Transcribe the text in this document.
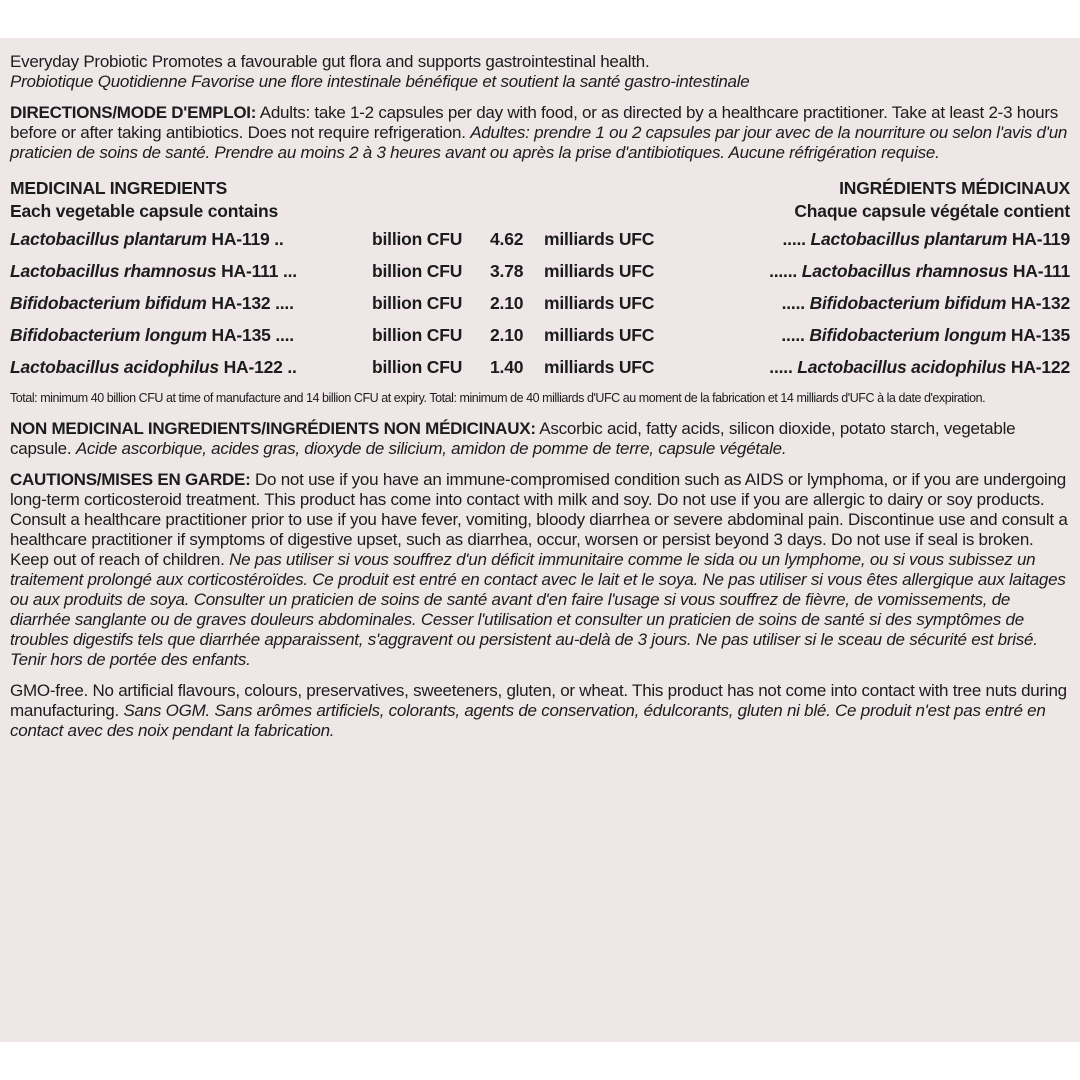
Everyday Probiotic Promotes a favourable gut flora and supports gastrointestinal health.
Probiotique Quotidienne Favorise une flore intestinale bénéfique et soutient la santé gastro-intestinale

DIRECTIONS/MODE D'EMPLOI: Adults: take 1-2 capsules per day with food, or as directed by a healthcare practitioner. Take at least 2-3 hours before or after taking antibiotics. Does not require refrigeration. Adultes: prendre 1 ou 2 capsules par jour avec de la nourriture ou selon l'avis d'un praticien de soins de santé. Prendre au moins 2 à 3 heures avant ou après la prise d'antibiotiques. Aucune réfrigération requise.

MEDICINAL INGREDIENTS	INGRÉDIENTS MÉDICINAUX
Each vegetable capsule contains	Chaque capsule végétale contient
Lactobacillus plantarum HA-119 ..	billion CFU	4.62	milliards UFC	..... Lactobacillus plantarum HA-119
Lactobacillus rhamnosus HA-111 ...	billion CFU	3.78	milliards UFC	...... Lactobacillus rhamnosus HA-111
Bifidobacterium bifidum HA-132 ....	billion CFU	2.10	milliards UFC	..... Bifidobacterium bifidum HA-132
Bifidobacterium longum HA-135 ....	billion CFU	2.10	milliards UFC	..... Bifidobacterium longum HA-135
Lactobacillus acidophilus HA-122 ..	billion CFU	1.40	milliards UFC	..... Lactobacillus acidophilus HA-122
Total: minimum 40 billion CFU at time of manufacture and 14 billion CFU at expiry. Total: minimum de 40 milliards d'UFC au moment de la fabrication et 14 milliards d'UFC à la date d'expiration.

NON MEDICINAL INGREDIENTS/INGRÉDIENTS NON MÉDICINAUX: Ascorbic acid, fatty acids, silicon dioxide, potato starch, vegetable capsule. Acide ascorbique, acides gras, dioxyde de silicium, amidon de pomme de terre, capsule végétale.

CAUTIONS/MISES EN GARDE: Do not use if you have an immune-compromised condition such as AIDS or lymphoma, or if you are undergoing long-term corticosteroid treatment. This product has come into contact with milk and soy. Do not use if you are allergic to dairy or soy products. Consult a healthcare practitioner prior to use if you have fever, vomiting, bloody diarrhea or severe abdominal pain. Discontinue use and consult a healthcare practitioner if symptoms of digestive upset, such as diarrhea, occur, worsen or persist beyond 3 days. Do not use if seal is broken. Keep out of reach of children. Ne pas utiliser si vous souffrez d'un déficit immunitaire comme le sida ou un lymphome, ou si vous subissez un traitement prolongé aux corticostéroïdes. Ce produit est entré en contact avec le lait et le soya. Ne pas utiliser si vous êtes allergique aux laitages ou aux produits de soya. Consulter un praticien de soins de santé avant d'en faire l'usage si vous souffrez de fièvre, de vomissements, de diarrhée sanglante ou de graves douleurs abdominales. Cesser l'utilisation et consulter un praticien de soins de santé si des symptômes de troubles digestifs tels que diarrhée apparaissent, s'aggravent ou persistent au-delà de 3 jours. Ne pas utiliser si le sceau de sécurité est brisé. Tenir hors de portée des enfants.

GMO-free. No artificial flavours, colours, preservatives, sweeteners, gluten, or wheat. This product has not come into contact with tree nuts during manufacturing. Sans OGM. Sans arômes artificiels, colorants, agents de conservation, édulcorants, gluten ni blé. Ce produit n'est pas entré en contact avec des noix pendant la fabrication.
